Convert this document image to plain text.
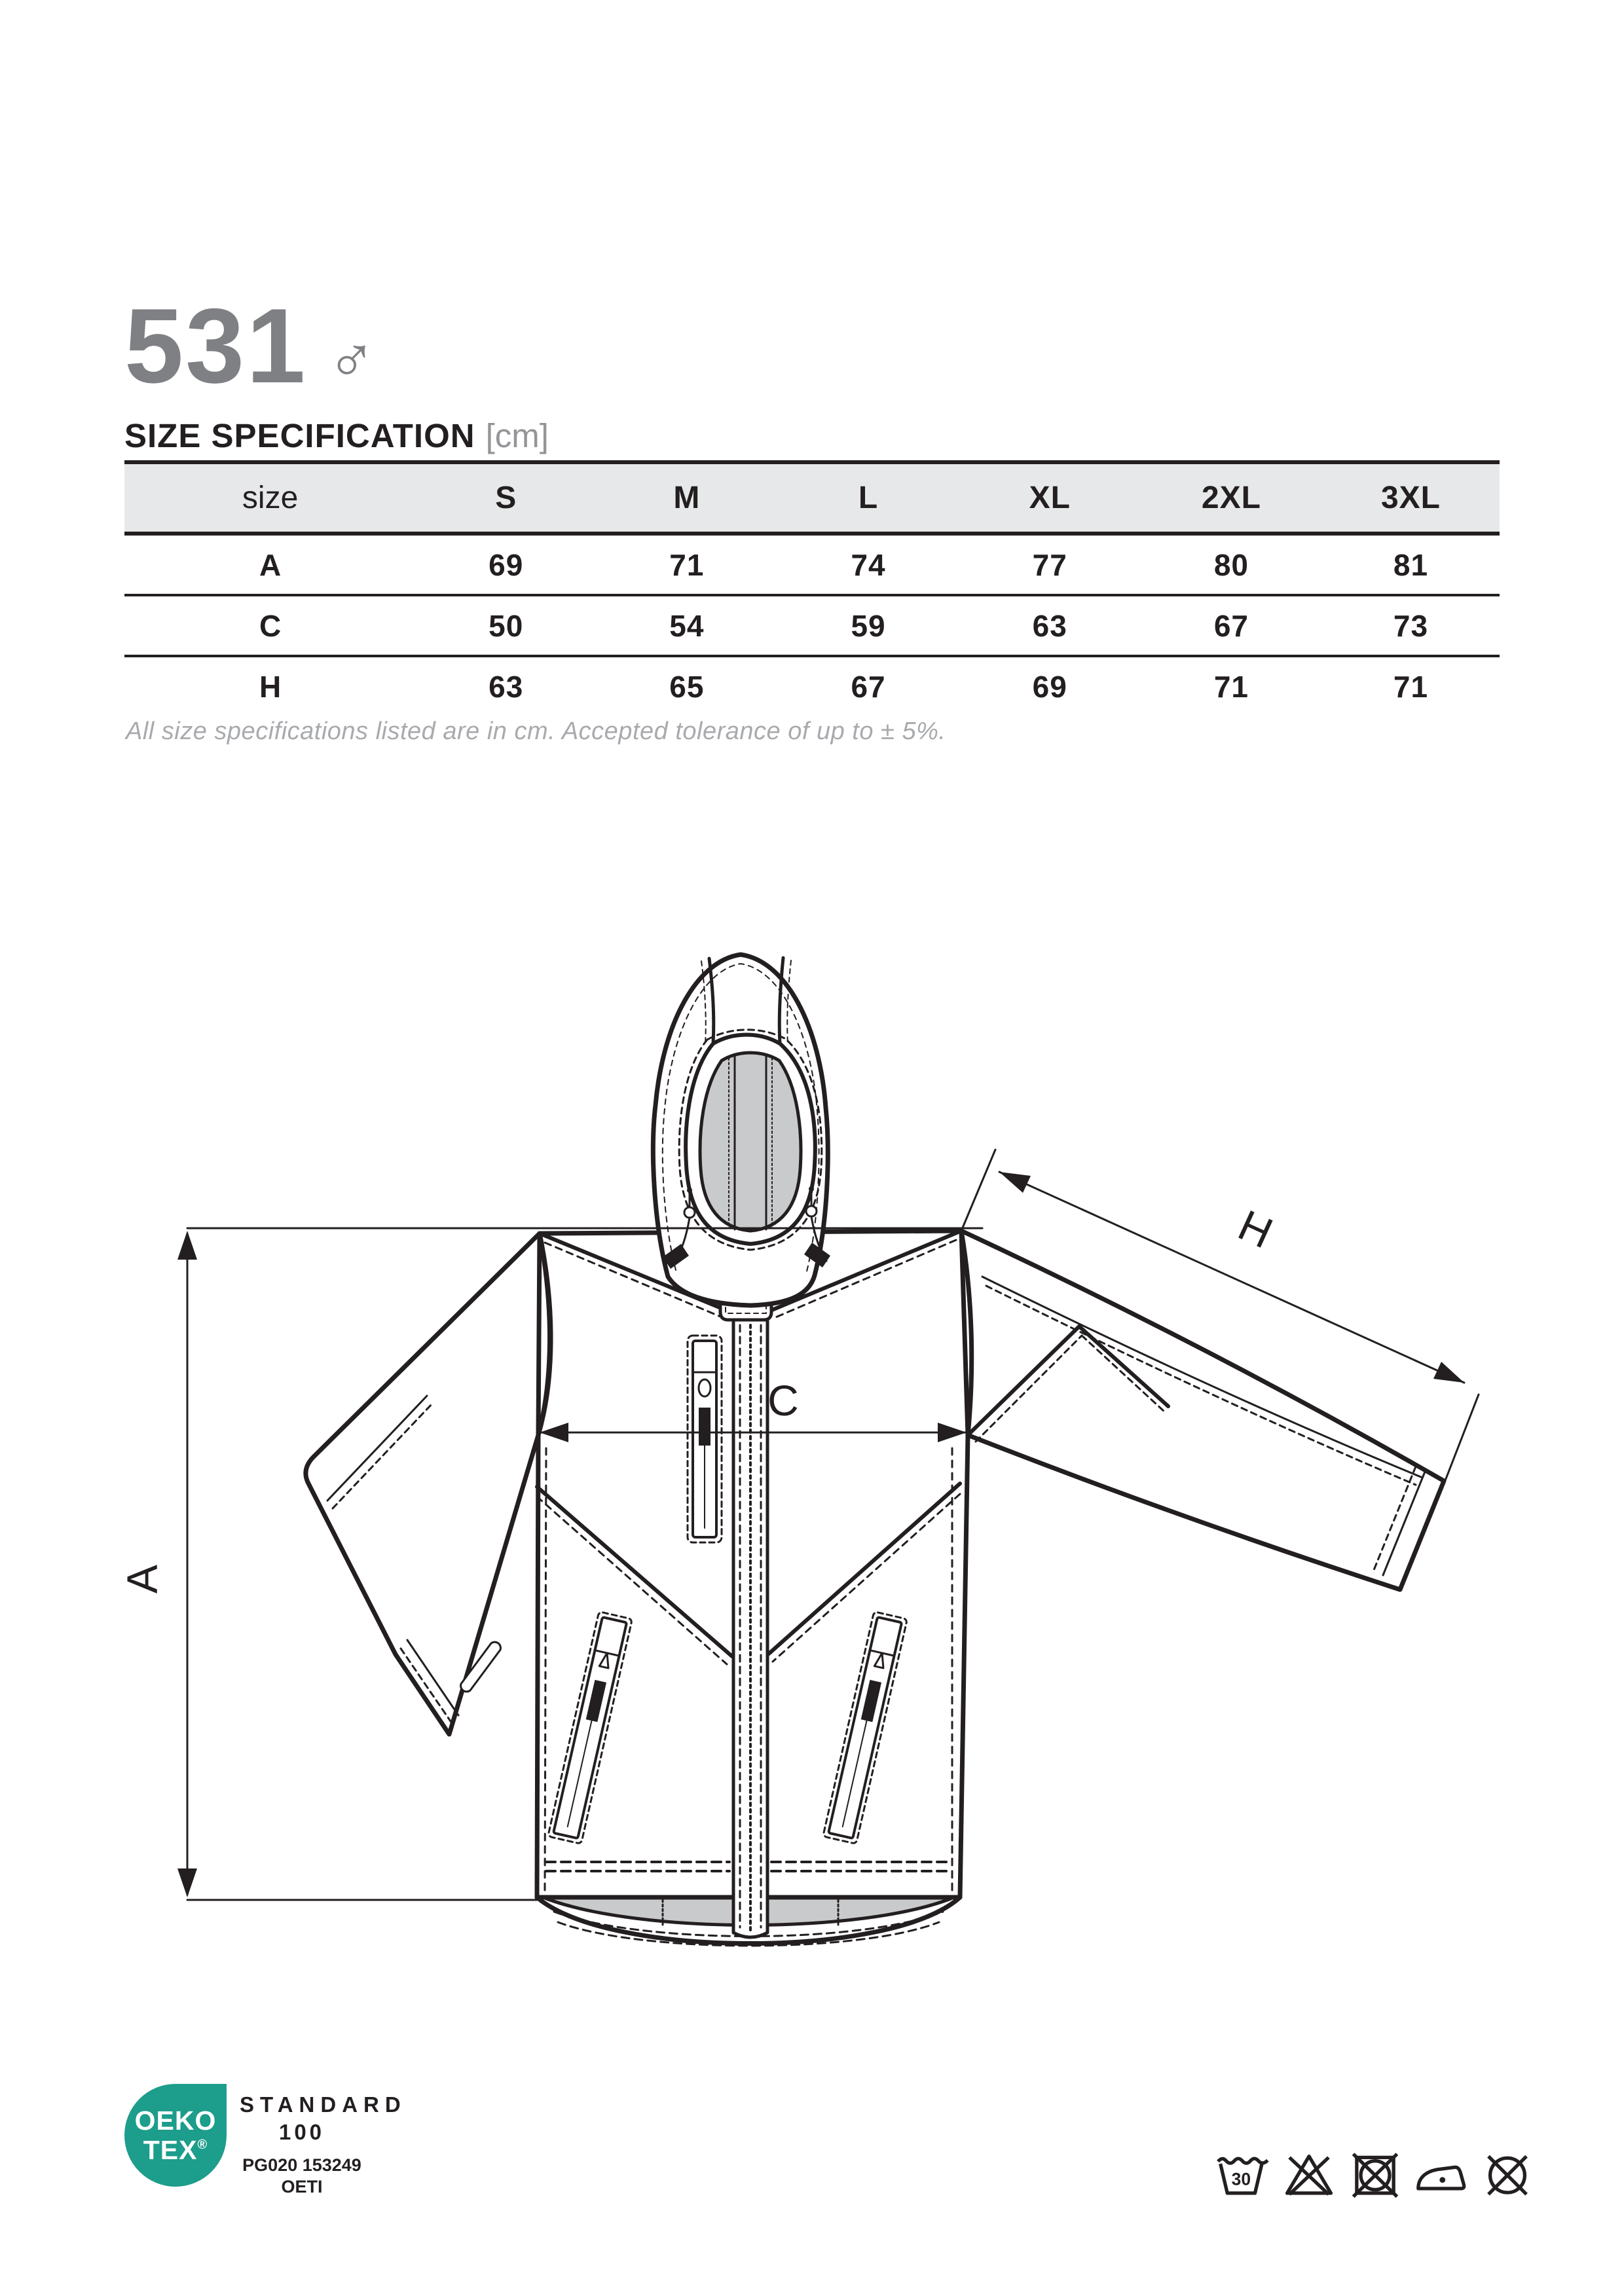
531 ♂
SIZE SPECIFICATION [cm]
size	S	M	L	XL	2XL	3XL
A	69	71	74	77	80	81
C	50	54	59	63	67	73
H	63	65	67	69	71	71
All size specifications listed are in cm. Accepted tolerance of up to ± 5%.
A
C
H
OEKO
TEX ®
STANDARD
100
PG020 153249
OETI	30
